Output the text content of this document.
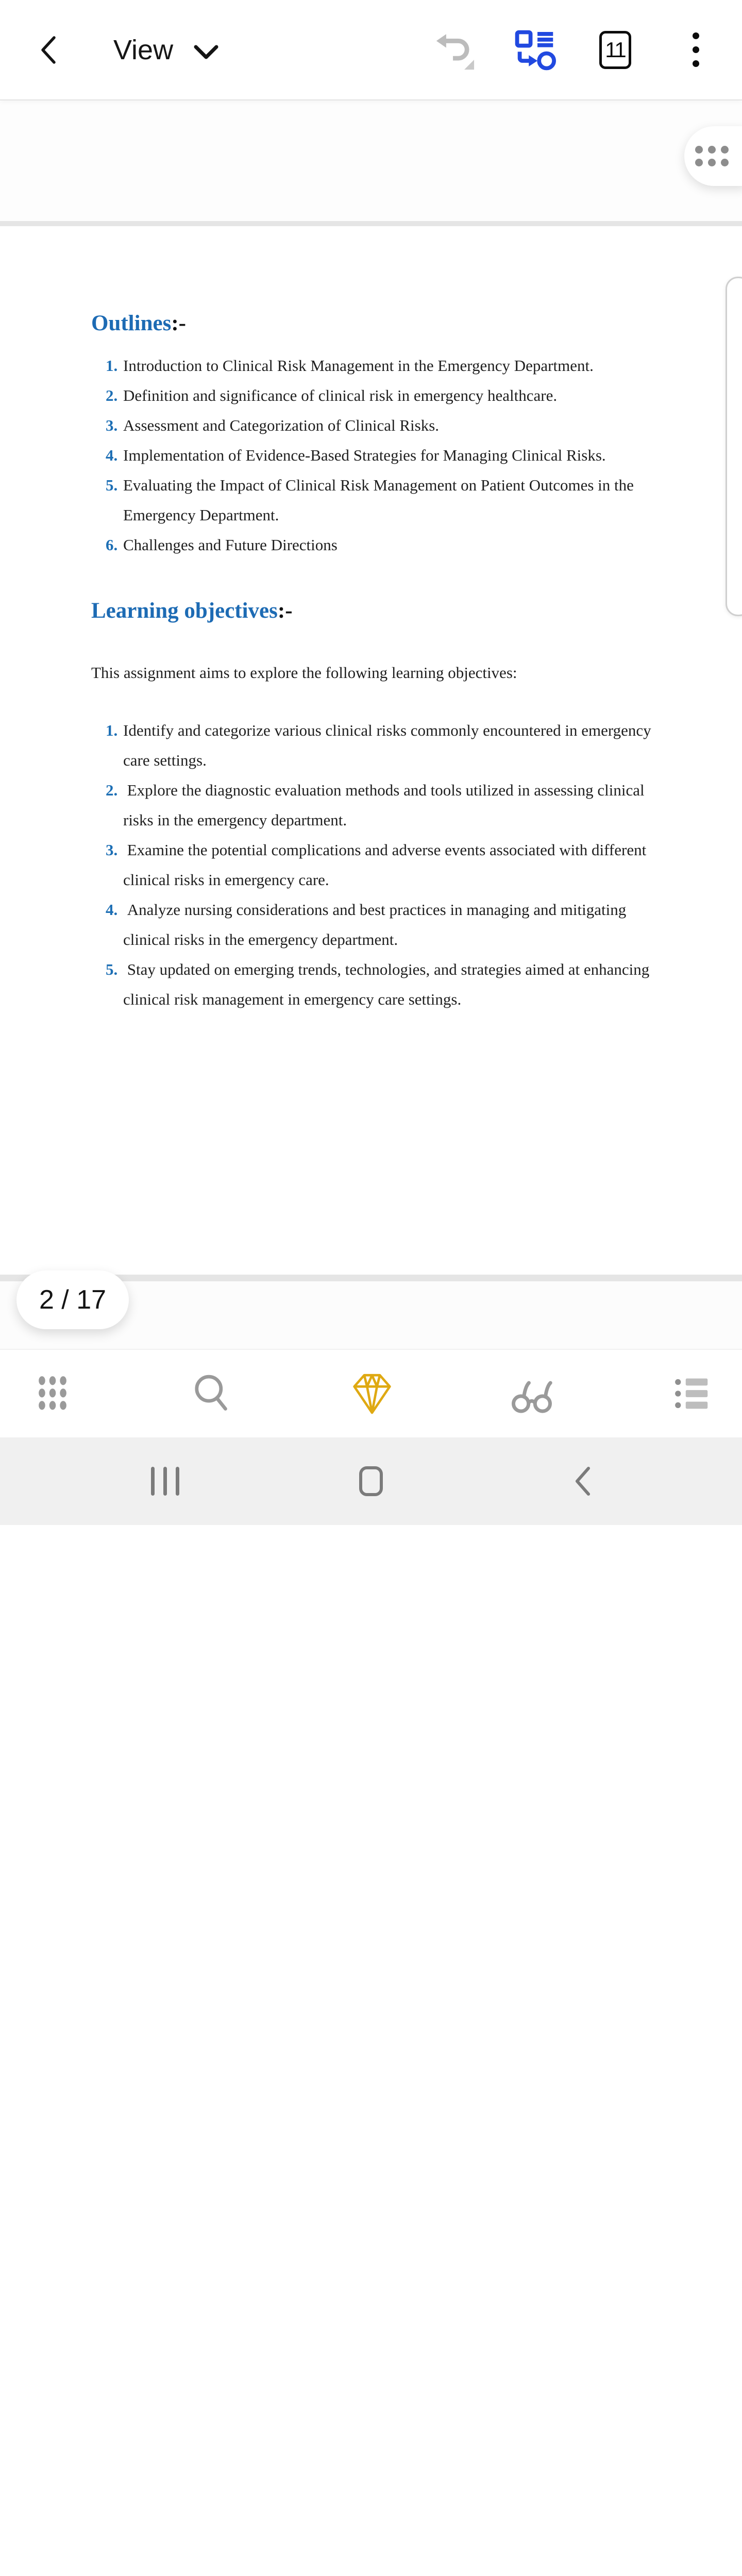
View	11
Outlines:-
1. Introduction to Clinical Risk Management in the Emergency Department.
2. Definition and significance of clinical risk in emergency healthcare.
3. Assessment and Categorization of Clinical Risks.
4. Implementation of Evidence-Based Strategies for Managing Clinical Risks.
5. Evaluating the Impact of Clinical Risk Management on Patient Outcomes in the Emergency Department.
6. Challenges and Future Directions
Learning objectives:-

This assignment aims to explore the following learning objectives:

1. Identify and categorize various clinical risks commonly encountered in emergency care settings.
2. Explore the diagnostic evaluation methods and tools utilized in assessing clinical risks in the emergency department.
3. Examine the potential complications and adverse events associated with different clinical risks in emergency care.
4. Analyze nursing considerations and best practices in managing and mitigating clinical risks in the emergency department.
5. Stay updated on emerging trends, technologies, and strategies aimed at enhancing clinical risk management in emergency care settings.
2 / 17
